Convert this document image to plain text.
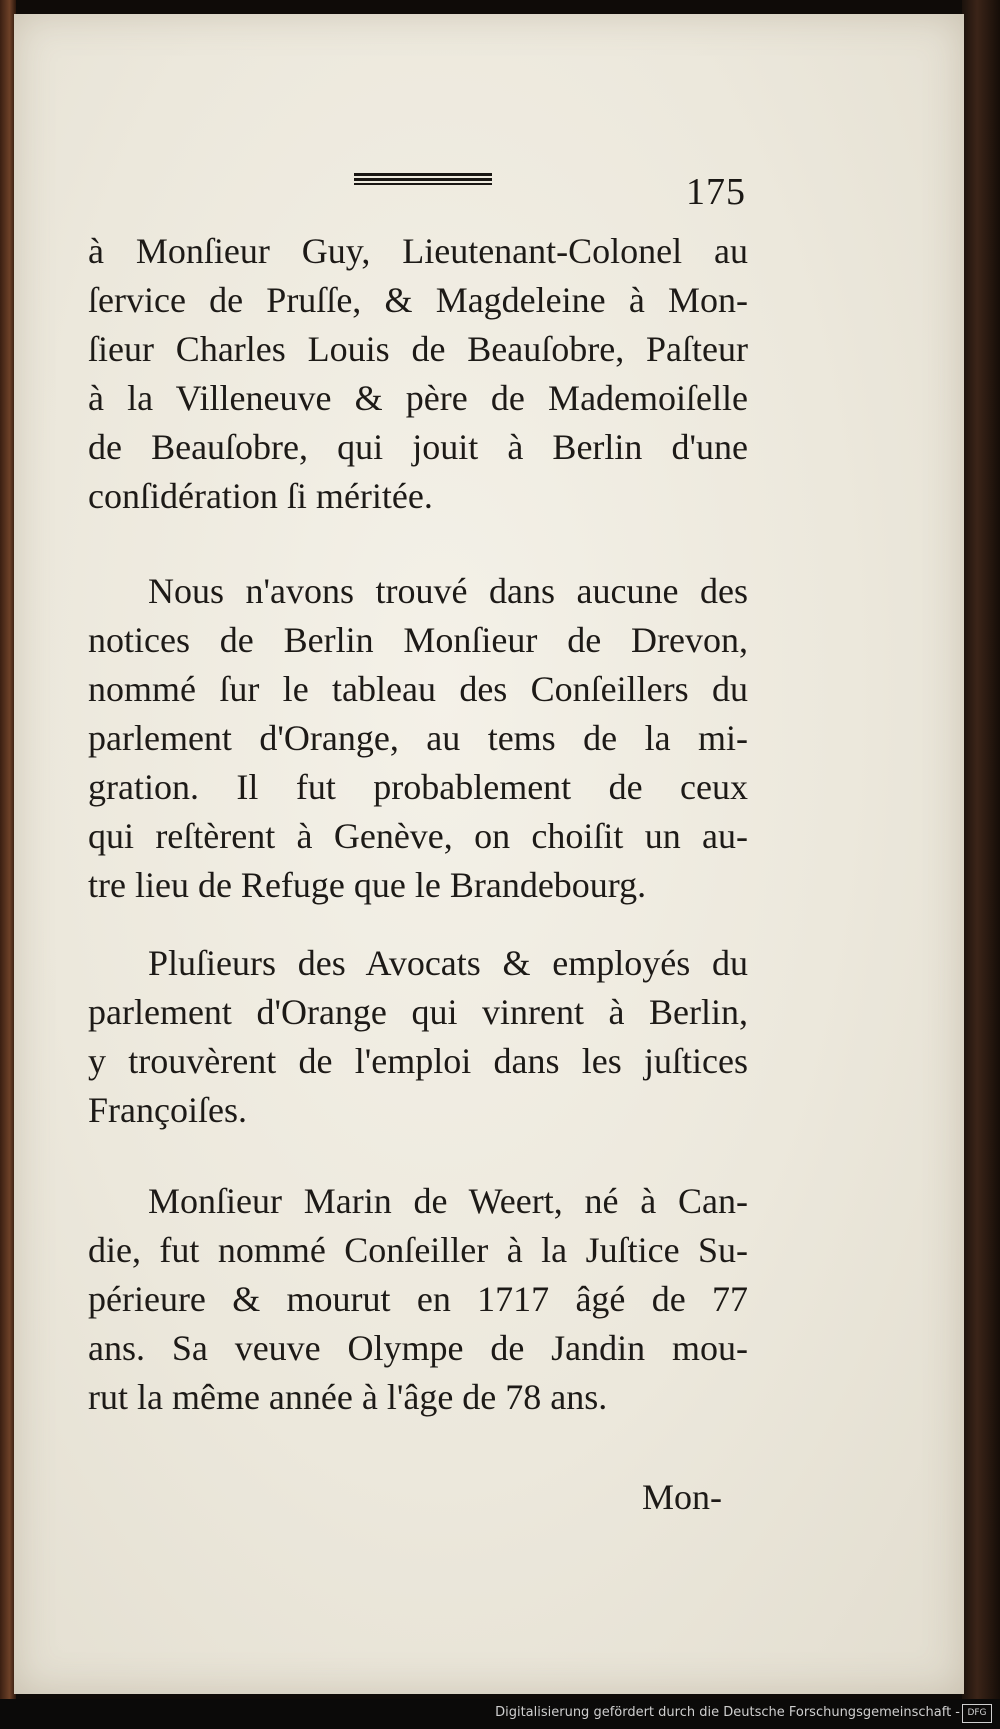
175
à Monſieur Guy, Lieutenant-Colonel au
ſervice de Pruſſe, & Magdeleine à Mon-
ſieur Charles Louis de Beauſobre, Paſteur
à la Villeneuve & père de Mademoiſelle
de Beauſobre, qui jouit à Berlin d'une
conſidération ſi méritée.
Nous n'avons trouvé dans aucune des
notices de Berlin Monſieur de Drevon,
nommé ſur le tableau des Conſeillers du
parlement d'Orange, au tems de la mi-
gration. Il fut probablement de ceux
qui reſtèrent à Genève, on choiſit un au-
tre lieu de Refuge que le Brandebourg.
Pluſieurs des Avocats & employés du
parlement d'Orange qui vinrent à Berlin,
y trouvèrent de l'emploi dans les juſtices
Françoiſes.
Monſieur Marin de Weert, né à Can-
die, fut nommé Conſeiller à la Juſtice Su-
périeure & mourut en 1717 âgé de 77
ans. Sa veuve Olympe de Jandin mou-
rut la même année à l'âge de 78 ans.
Mon-
Digitalisierung gefördert durch die Deutsche Forschungsgemeinschaft - DFG
